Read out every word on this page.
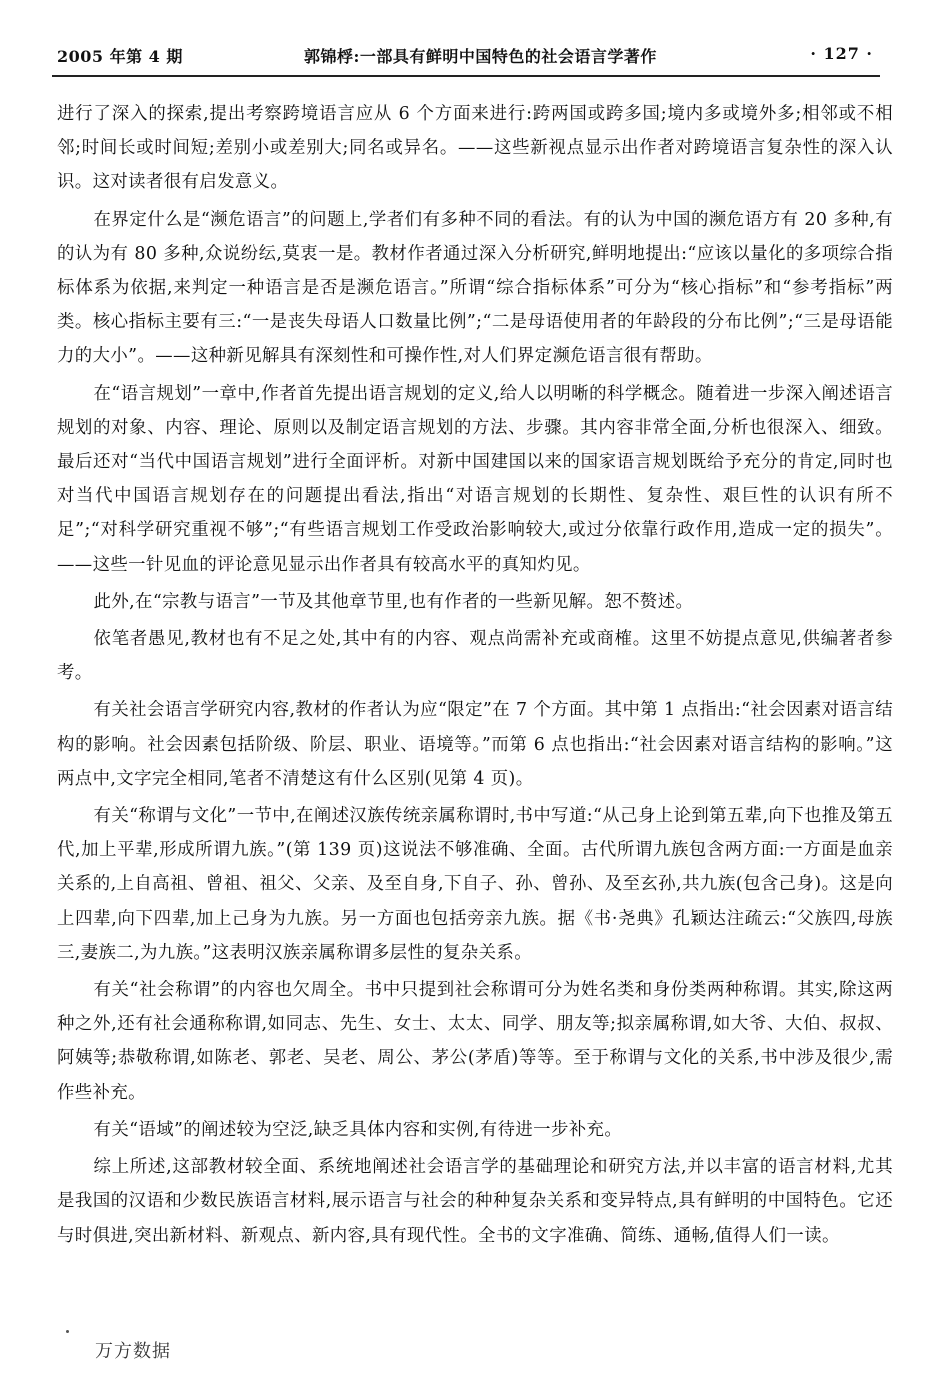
2005 年第 4 期	郭锦桴:一部具有鲜明中国特色的社会语言学著作	· 127 ·

进行了深入的探索,提出考察跨境语言应从 6 个方面来进行:跨两国或跨多国;境内多或境外多;相邻或不相邻;时间长或时间短;差别小或差别大;同名或异名。——这些新视点显示出作者对跨境语言复杂性的深入认识。这对读者很有启发意义。

在界定什么是“濒危语言”的问题上,学者们有多种不同的看法。有的认为中国的濒危语方有 20 多种,有的认为有 80 多种,众说纷纭,莫衷一是。教材作者通过深入分析研究,鲜明地提出:“应该以量化的多项综合指标体系为依据,来判定一种语言是否是濒危语言。”所谓“综合指标体系”可分为“核心指标”和“参考指标”两类。核心指标主要有三:“一是丧失母语人口数量比例”;“二是母语使用者的年龄段的分布比例”;“三是母语能力的大小”。——这种新见解具有深刻性和可操作性,对人们界定濒危语言很有帮助。

在“语言规划”一章中,作者首先提出语言规划的定义,给人以明晰的科学概念。随着进一步深入阐述语言规划的对象、内容、理论、原则以及制定语言规划的方法、步骤。其内容非常全面,分析也很深入、细致。最后还对“当代中国语言规划”进行全面评析。对新中国建国以来的国家语言规划既给予充分的肯定,同时也对当代中国语言规划存在的问题提出看法,指出“对语言规划的长期性、复杂性、艰巨性的认识有所不足”;“对科学研究重视不够”;“有些语言规划工作受政治影响较大,或过分依靠行政作用,造成一定的损失”。——这些一针见血的评论意见显示出作者具有较高水平的真知灼见。

此外,在“宗教与语言”一节及其他章节里,也有作者的一些新见解。恕不赘述。

依笔者愚见,教材也有不足之处,其中有的内容、观点尚需补充或商榷。这里不妨提点意见,供编著者参考。

有关社会语言学研究内容,教材的作者认为应“限定”在 7 个方面。其中第 1 点指出:“社会因素对语言结构的影响。社会因素包括阶级、阶层、职业、语境等。”而第 6 点也指出:“社会因素对语言结构的影响。”这两点中,文字完全相同,笔者不清楚这有什么区别(见第 4 页)。

有关“称谓与文化”一节中,在阐述汉族传统亲属称谓时,书中写道:“从己身上论到第五辈,向下也推及第五代,加上平辈,形成所谓九族。”(第 139 页)这说法不够准确、全面。古代所谓九族包含两方面:一方面是血亲关系的,上自高祖、曾祖、祖父、父亲、及至自身,下自子、孙、曾孙、及至玄孙,共九族(包含己身)。这是向上四辈,向下四辈,加上己身为九族。另一方面也包括旁亲九族。据《书·尧典》孔颖达注疏云:“父族四,母族三,妻族二,为九族。”这表明汉族亲属称谓多层性的复杂关系。

有关“社会称谓”的内容也欠周全。书中只提到社会称谓可分为姓名类和身份类两种称谓。其实,除这两种之外,还有社会通称称谓,如同志、先生、女士、太太、同学、朋友等;拟亲属称谓,如大爷、大伯、叔叔、阿姨等;恭敬称谓,如陈老、郭老、吴老、周公、茅公(茅盾)等等。至于称谓与文化的关系,书中涉及很少,需作些补充。

有关“语域”的阐述较为空泛,缺乏具体内容和实例,有待进一步补充。

综上所述,这部教材较全面、系统地阐述社会语言学的基础理论和研究方法,并以丰富的语言材料,尤其是我国的汉语和少数民族语言材料,展示语言与社会的种种复杂关系和变异特点,具有鲜明的中国特色。它还与时俱进,突出新材料、新观点、新内容,具有现代性。全书的文字准确、简练、通畅,值得人们一读。

万方数据
